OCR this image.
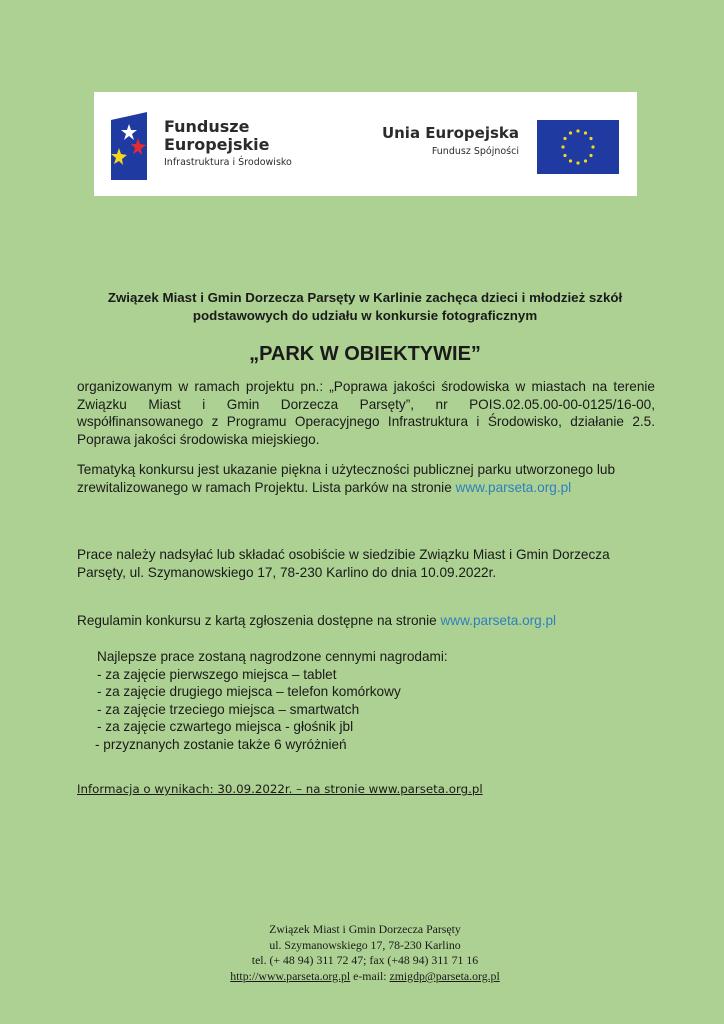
Fundusze
Europejskie
Infrastruktura i Środowisko
Unia Europejska
Fundusz Spójności
Związek Miast i Gmin Dorzecza Parsęty w Karlinie zachęca dzieci i młodzież szkół
podstawowych do udziału w konkursie fotograficznym
„PARK W OBIEKTYWIE”
organizowanym w ramach projektu pn.: „Poprawa jakości środowiska w miastach na terenie Związku Miast i Gmin Dorzecza Parsęty”, nr POIS.02.05.00-00-0125/16-00, współfinansowanego z Programu Operacyjnego Infrastruktura i Środowisko, działanie 2.5. Poprawa jakości środowiska miejskiego.
Tematyką konkursu jest ukazanie piękna i użyteczności publicznej parku utworzonego lub zrewitalizowanego w ramach Projektu. Lista parków na stronie www.parseta.org.pl
Prace należy nadsyłać lub składać osobiście w siedzibie Związku Miast i Gmin Dorzecza Parsęty, ul. Szymanowskiego 17, 78-230 Karlino do dnia 10.09.2022r.
Regulamin konkursu z kartą zgłoszenia dostępne na stronie www.parseta.org.pl
Najlepsze prace zostaną nagrodzone cennymi nagrodami:
- za zajęcie pierwszego miejsca – tablet
- za zajęcie drugiego miejsca – telefon komórkowy
- za zajęcie trzeciego miejsca – smartwatch
- za zajęcie czwartego miejsca - głośnik jbl
- przyznanych zostanie także 6 wyróżnień
Informacja o wynikach: 30.09.2022r. – na stronie www.parseta.org.pl
Związek Miast i Gmin Dorzecza Parsęty
ul. Szymanowskiego 17, 78-230 Karlino
tel. (+ 48 94) 311 72 47; fax (+48 94) 311 71 16
http://www.parseta.org.pl e-mail: zmigdp@parseta.org.pl
